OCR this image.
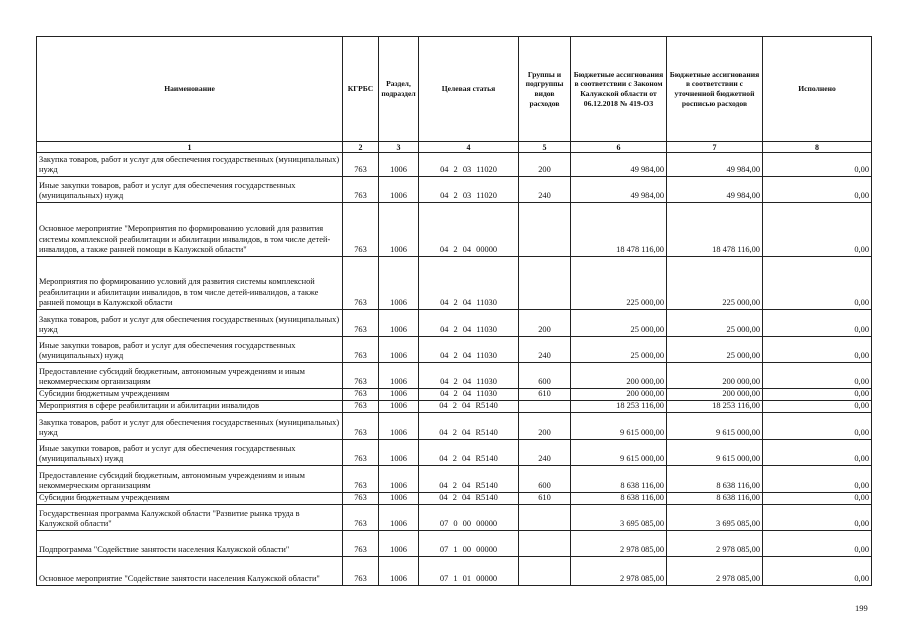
Наименование	КГРБС	Раздел, подраздел	Целевая статья	Группы и подгруппы видов расходов	Бюджетные ассигнования в соответствии с Законом Калужской области от 06.12.2018 № 419-ОЗ	Бюджетные ассигнования в соответствии с уточненной бюджетной росписью расходов	Исполнено
1	2	3	4	5	6	7	8
Закупка товаров, работ и услуг для обеспечения государственных (муниципальных) нужд	763	1006	04 2 03 11020	200	49 984,00	49 984,00	0,00
Иные закупки товаров, работ и услуг для обеспечения государственных (муниципальных) нужд	763	1006	04 2 03 11020	240	49 984,00	49 984,00	0,00
Основное мероприятие "Мероприятия по формированию условий для развития системы комплексной реабилитации и абилитации инвалидов, в том числе детей-инвалидов, а также ранней помощи в Калужской области"	763	1006	04 2 04 00000		18 478 116,00	18 478 116,00	0,00
Мероприятия по формированию условий для развития системы комплексной реабилитации и абилитации инвалидов, в том числе детей-инвалидов, а также ранней помощи в Калужской области	763	1006	04 2 04 11030		225 000,00	225 000,00	0,00
Закупка товаров, работ и услуг для обеспечения государственных (муниципальных) нужд	763	1006	04 2 04 11030	200	25 000,00	25 000,00	0,00
Иные закупки товаров, работ и услуг для обеспечения государственных (муниципальных) нужд	763	1006	04 2 04 11030	240	25 000,00	25 000,00	0,00
Предоставление субсидий бюджетным, автономным учреждениям и иным некоммерческим организациям	763	1006	04 2 04 11030	600	200 000,00	200 000,00	0,00
Субсидии бюджетным учреждениям	763	1006	04 2 04 11030	610	200 000,00	200 000,00	0,00
Мероприятия в сфере реабилитации и абилитации инвалидов	763	1006	04 2 04 R5140		18 253 116,00	18 253 116,00	0,00
Закупка товаров, работ и услуг для обеспечения государственных (муниципальных) нужд	763	1006	04 2 04 R5140	200	9 615 000,00	9 615 000,00	0,00
Иные закупки товаров, работ и услуг для обеспечения государственных (муниципальных) нужд	763	1006	04 2 04 R5140	240	9 615 000,00	9 615 000,00	0,00
Предоставление субсидий бюджетным, автономным учреждениям и иным некоммерческим организациям	763	1006	04 2 04 R5140	600	8 638 116,00	8 638 116,00	0,00
Субсидии бюджетным учреждениям	763	1006	04 2 04 R5140	610	8 638 116,00	8 638 116,00	0,00
Государственная программа Калужской области "Развитие рынка труда в Калужской области"	763	1006	07 0 00 00000		3 695 085,00	3 695 085,00	0,00
Подпрограмма "Содействие занятости населения Калужской области"	763	1006	07 1 00 00000		2 978 085,00	2 978 085,00	0,00
Основное мероприятие "Содействие занятости населения Калужской области"	763	1006	07 1 01 00000		2 978 085,00	2 978 085,00	0,00
199
